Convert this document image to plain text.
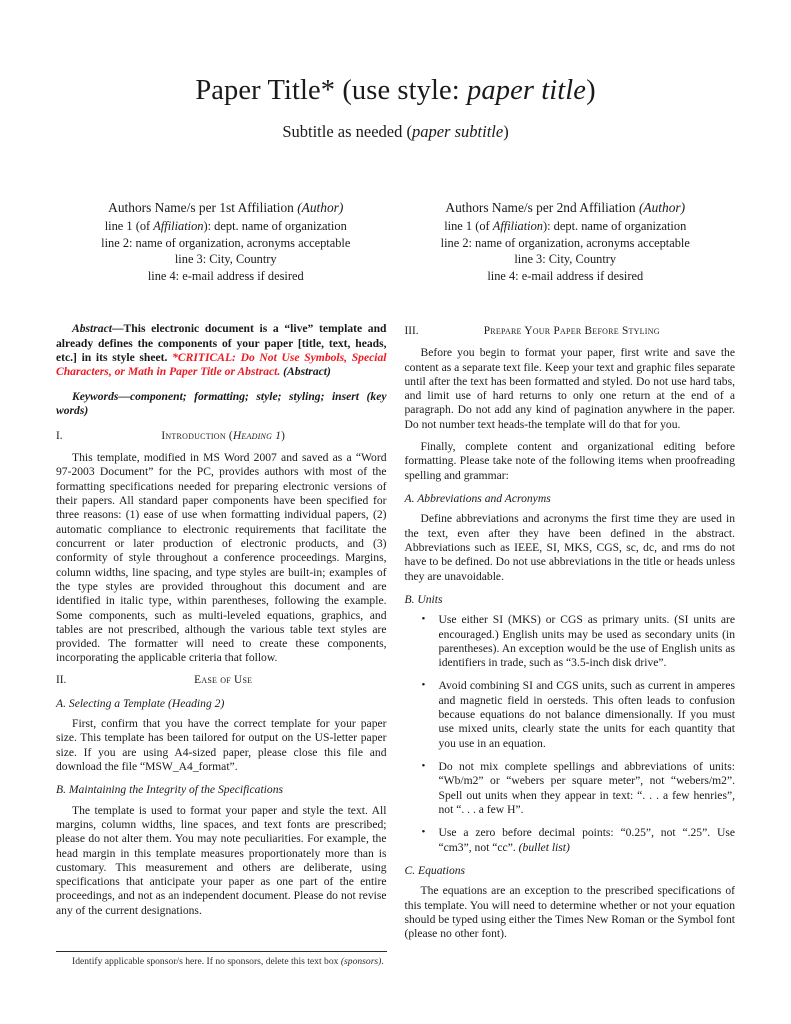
Paper Title* (use style: paper title)
Subtitle as needed (paper subtitle)
Authors Name/s per 1st Affiliation (Author)
line 1 (of Affiliation): dept. name of organization
line 2: name of organization, acronyms acceptable
line 3: City, Country
line 4: e-mail address if desired
Authors Name/s per 2nd Affiliation (Author)
line 1 (of Affiliation): dept. name of organization
line 2: name of organization, acronyms acceptable
line 3: City, Country
line 4: e-mail address if desired

Abstract—This electronic document is a “live” template and already defines the components of your paper [title, text, heads, etc.] in its style sheet. *CRITICAL: Do Not Use Symbols, Special Characters, or Math in Paper Title or Abstract. (Abstract)

Keywords—component; formatting; style; styling; insert (key words)

I.	Introduction (Heading 1)

This template, modified in MS Word 2007 and saved as a “Word 97-2003 Document” for the PC, provides authors with most of the formatting specifications needed for preparing electronic versions of their papers. All standard paper components have been specified for three reasons: (1) ease of use when formatting individual papers, (2) automatic compliance to electronic requirements that facilitate the concurrent or later production of electronic products, and (3) conformity of style throughout a conference proceedings. Margins, column widths, line spacing, and type styles are built-in; examples of the type styles are provided throughout this document and are identified in italic type, within parentheses, following the example. Some components, such as multi-leveled equations, graphics, and tables are not prescribed, although the various table text styles are provided. The formatter will need to create these components, incorporating the applicable criteria that follow.

II.	Ease of Use

A. Selecting a Template (Heading 2)

First, confirm that you have the correct template for your paper size. This template has been tailored for output on the US-letter paper size. If you are using A4-sized paper, please close this file and download the file “MSW_A4_format”.

B. Maintaining the Integrity of the Specifications

The template is used to format your paper and style the text. All margins, column widths, line spaces, and text fonts are prescribed; please do not alter them. You may note peculiarities. For example, the head margin in this template measures proportionately more than is customary. This measurement and others are deliberate, using specifications that anticipate your paper as one part of the entire proceedings, and not as an independent document. Please do not revise any of the current designations.

III.	Prepare Your Paper Before Styling

Before you begin to format your paper, first write and save the content as a separate text file. Keep your text and graphic files separate until after the text has been formatted and styled. Do not use hard tabs, and limit use of hard returns to only one return at the end of a paragraph. Do not add any kind of pagination anywhere in the paper. Do not number text heads-the template will do that for you.

Finally, complete content and organizational editing before formatting. Please take note of the following items when proofreading spelling and grammar:

A. Abbreviations and Acronyms

Define abbreviations and acronyms the first time they are used in the text, even after they have been defined in the abstract. Abbreviations such as IEEE, SI, MKS, CGS, sc, dc, and rms do not have to be defined. Do not use abbreviations in the title or heads unless they are unavoidable.

B. Units

• Use either SI (MKS) or CGS as primary units. (SI units are encouraged.) English units may be used as secondary units (in parentheses). An exception would be the use of English units as identifiers in trade, such as “3.5-inch disk drive”.
• Avoid combining SI and CGS units, such as current in amperes and magnetic field in oersteds. This often leads to confusion because equations do not balance dimensionally. If you must use mixed units, clearly state the units for each quantity that you use in an equation.
• Do not mix complete spellings and abbreviations of units: “Wb/m2” or “webers per square meter”, not “webers/m2”. Spell out units when they appear in text: “. . . a few henries”, not “. . . a few H”.
• Use a zero before decimal points: “0.25”, not “.25”. Use “cm3”, not “cc”. (bullet list)

C. Equations

The equations are an exception to the prescribed specifications of this template. You will need to determine whether or not your equation should be typed using either the Times New Roman or the Symbol font (please no other font).

Identify applicable sponsor/s here. If no sponsors, delete this text box (sponsors).
